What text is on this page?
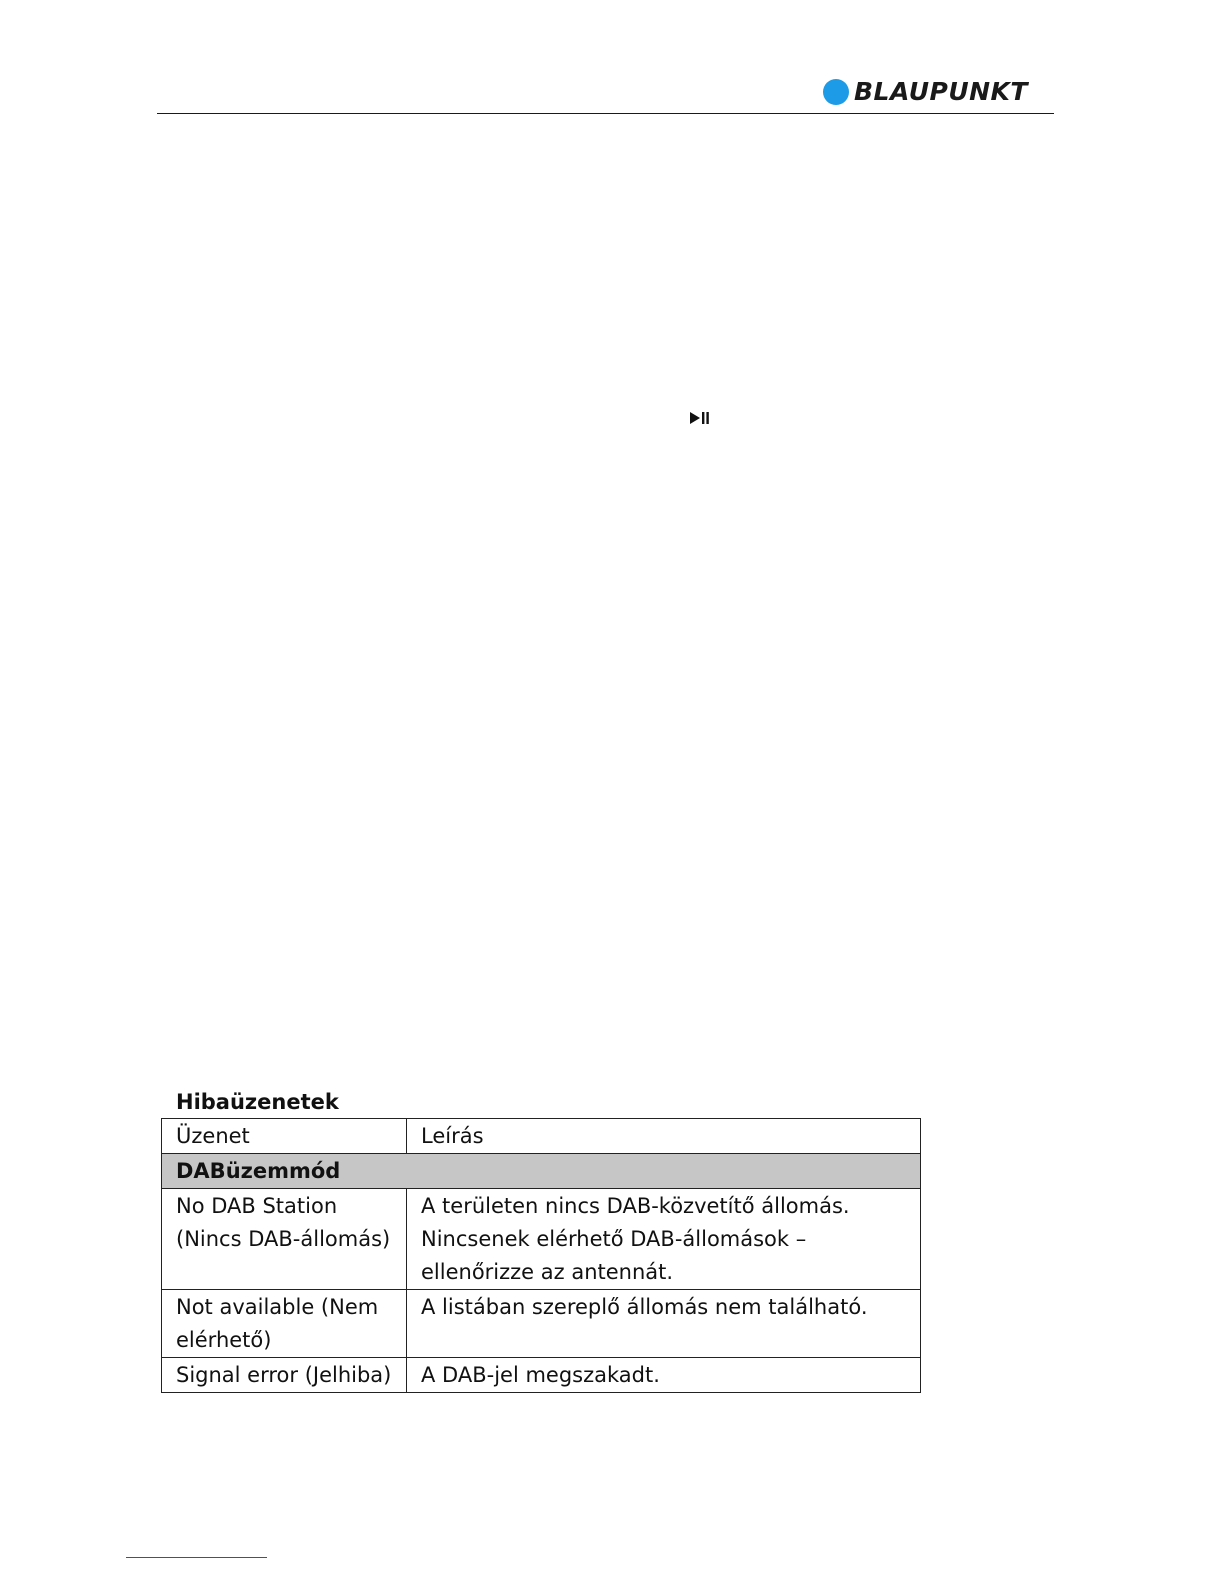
BLAUPUNKT
Hibaüzenetek
Üzenet	Leírás
DABüzemmód	
No DAB Station (Nincs DAB-állomás)	A területen nincs DAB-közvetítő állomás. Nincsenek elérhető DAB-állomások – ellenőrizze az antennát.
Not available (Nem elérhető)	A listában szereplő állomás nem található.
Signal error (Jelhiba)	A DAB-jel megszakadt.
